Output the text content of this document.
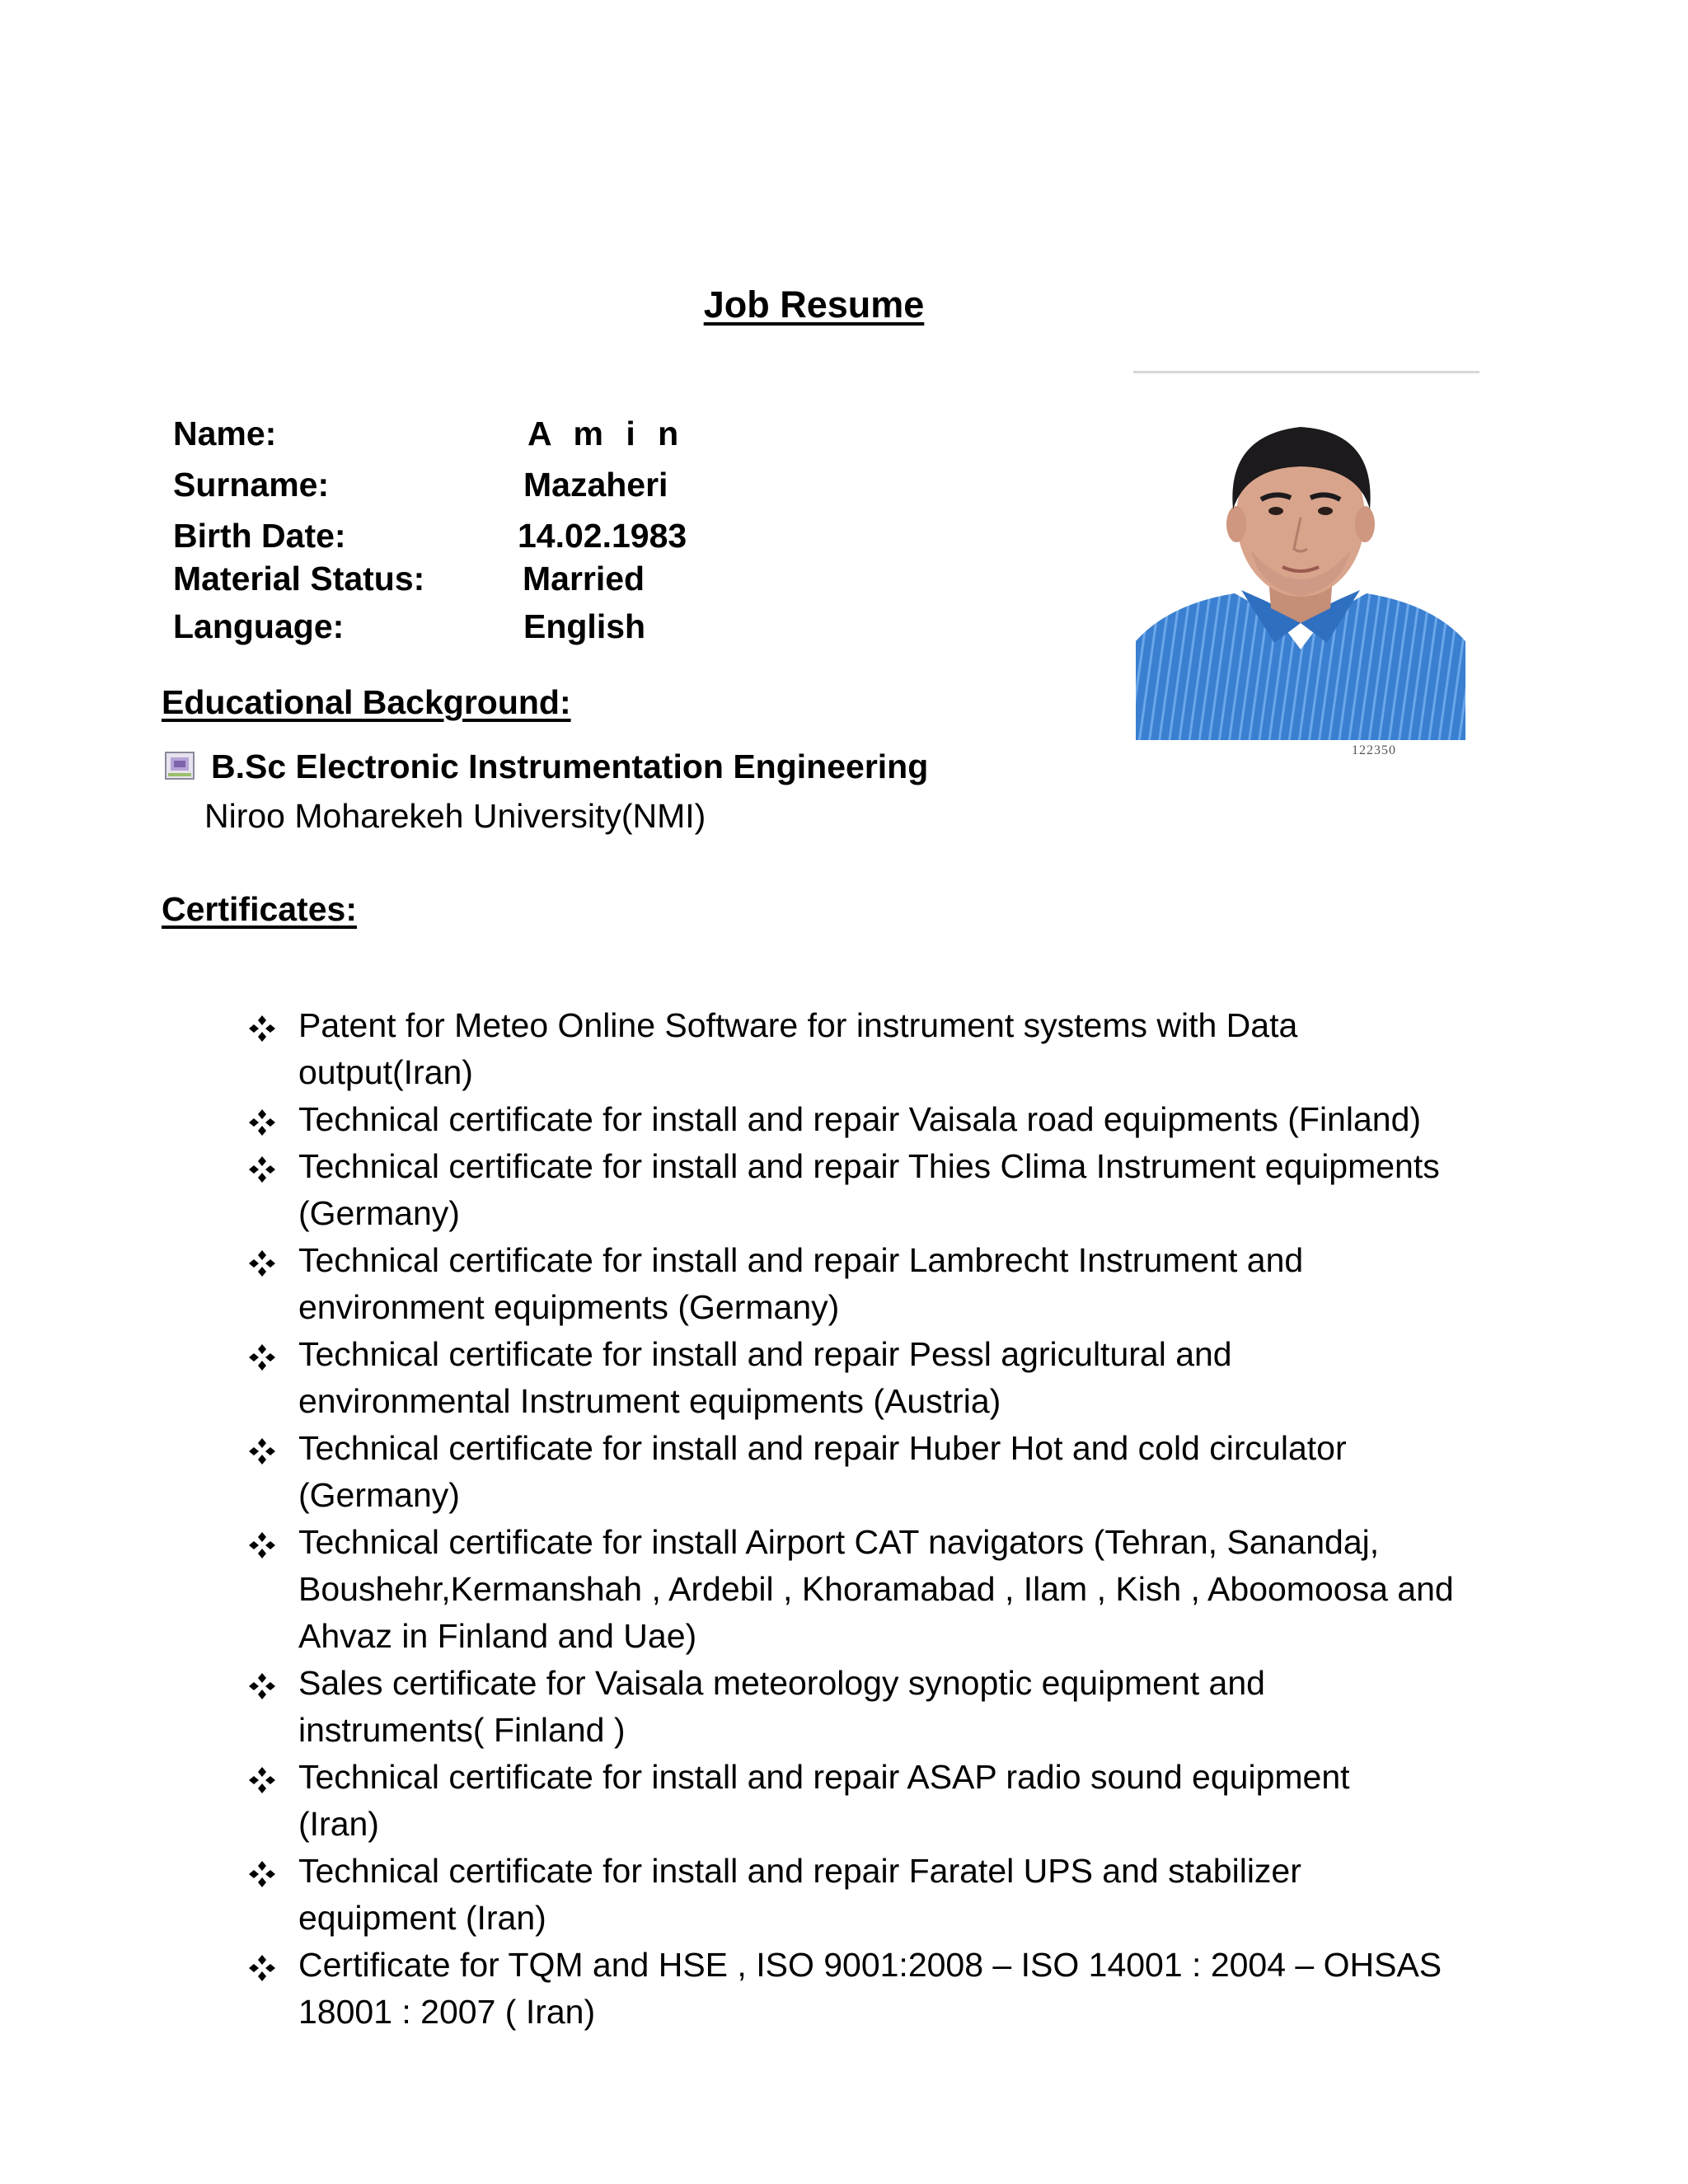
Job Resume
122350
Name:	A m i n
Surname:	Mazaheri
Birth Date:	14.02.1983
Material Status:	Married
Language:	English
Educational Background:
B.Sc Electronic Instrumentation Engineering
Niroo Moharekeh University(NMI)
Certificates:
Patent for Meteo Online Software for instrument systems with Data
output(Iran)
Technical certificate for install and repair Vaisala road equipments (Finland)
Technical certificate for install and repair Thies Clima Instrument equipments
(Germany)
Technical certificate for install and repair Lambrecht Instrument and
environment equipments (Germany)
Technical certificate for install and repair Pessl agricultural and
environmental Instrument equipments (Austria)
Technical certificate for install and repair Huber Hot and cold circulator
(Germany)
Technical certificate for install Airport CAT navigators (Tehran, Sanandaj,
Boushehr,Kermanshah , Ardebil , Khoramabad , Ilam , Kish , Aboomoosa and
Ahvaz in Finland and Uae)
Sales certificate for Vaisala meteorology synoptic equipment and
instruments( Finland )
Technical certificate for install and repair ASAP radio sound equipment
(Iran)
Technical certificate for install and repair Faratel UPS and stabilizer
equipment (Iran)
Certificate for TQM and HSE , ISO 9001:2008 – ISO 14001 : 2004 – OHSAS
18001 : 2007 ( Iran)
